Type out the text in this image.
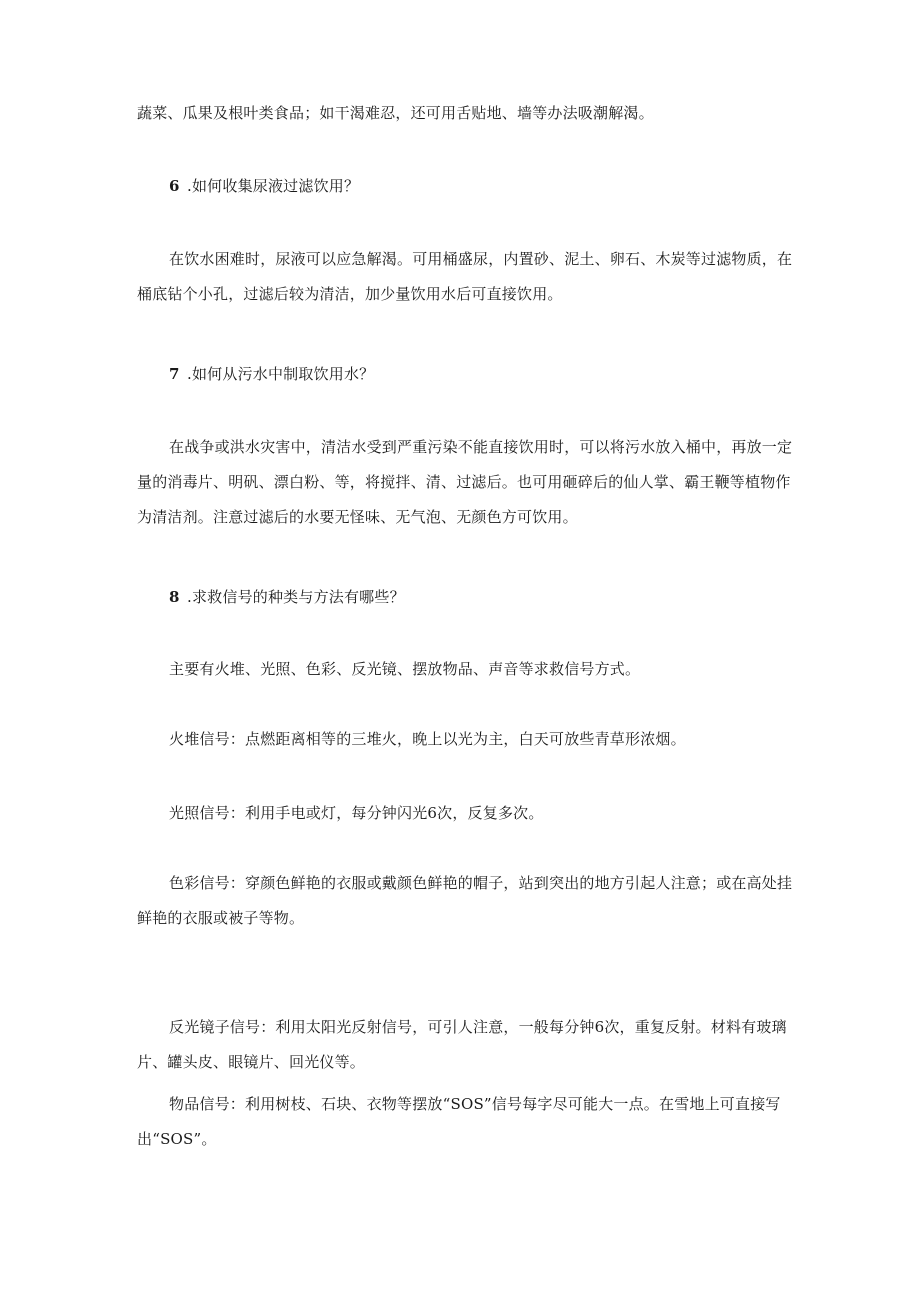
蔬菜、瓜果及根叶类食品；如干渴难忍，还可用舌贴地、墙等办法吸潮解渴。

6 .如何收集尿液过滤饮用？

在饮水困难时，尿液可以应急解渴。可用桶盛尿，内置砂、泥土、卵石、木炭等过滤物质，在桶底钻个小孔，过滤后较为清洁，加少量饮用水后可直接饮用。

7 .如何从污水中制取饮用水？

在战争或洪水灾害中，清洁水受到严重污染不能直接饮用时，可以将污水放入桶中，再放一定量的消毒片、明矾、漂白粉、等，将搅拌、清、过滤后。也可用砸碎后的仙人掌、霸王鞭等植物作为清洁剂。注意过滤后的水要无怪味、无气泡、无颜色方可饮用。

8 .求救信号的种类与方法有哪些？

主要有火堆、光照、色彩、反光镜、摆放物品、声音等求救信号方式。

火堆信号：点燃距离相等的三堆火，晚上以光为主，白天可放些青草形浓烟。

光照信号：利用手电或灯，每分钟闪光6次，反复多次。

色彩信号：穿颜色鲜艳的衣服或戴颜色鲜艳的帽子，站到突出的地方引起人注意；或在高处挂鲜艳的衣服或被子等物。

反光镜子信号：利用太阳光反射信号，可引人注意，一般每分钟6次，重复反射。材料有玻璃片、罐头皮、眼镜片、回光仪等。

物品信号：利用树枝、石块、衣物等摆放“SOS”信号每字尽可能大一点。在雪地上可直接写出“SOS”。
